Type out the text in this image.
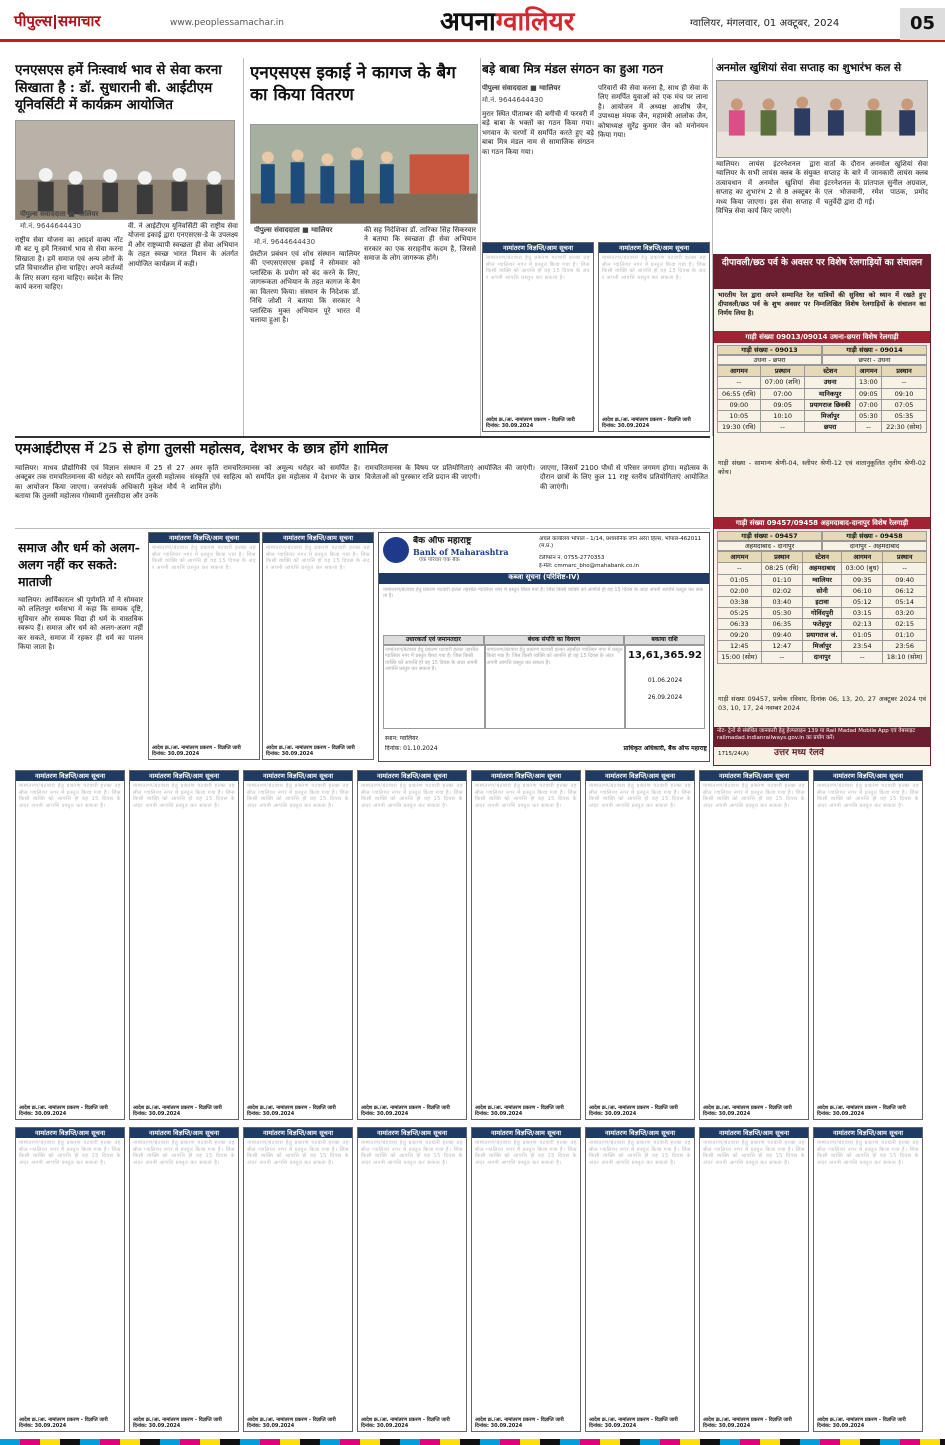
पीपुल्स समाचार	www.peoplessamachar.in	अपनाग्वालियर	ग्वालियर, मंगलवार, 01 अक्टूबर, 2024	05
एनएसएस हमें निःस्वार्थ भाव से सेवा करना सिखाता है : डॉ. सुधारानी बी. आईटीएम यूनिवर्सिटी में कार्यक्रम आयोजित
पीपुल्स संवाददाता ■ ग्वालियर
मो.नं. 9644644430
राष्ट्रीय सेवा योजना का आदर्श वाक्य नॉट मी बट यू हमें निःस्वार्थ भाव से सेवा करना सिखाता है। हमें समाज एवं अन्य लोगों के प्रति विचारशील होना चाहिए। अपने कर्तव्यों के लिए सजग रहना चाहिए। स्वदेश के लिए कार्य करना चाहिए।
वी. ने आईटीएम यूनिवर्सिटी की राष्ट्रीय सेवा योजना इकाई द्वारा एनएसएस-डे के उपलक्ष्य में और राष्ट्रव्यापी स्वच्छता ही सेवा अभियान के तहत स्वच्छ भारत मिशन के अंतर्गत आयोजित कार्यक्रम में कही।
एनएसएस इकाई ने कागज के बैग का किया वितरण
पीपुल्स संवाददाता ■ ग्वालियर
मो.नं. 9644644430
प्रेस्टीज प्रबंधन एवं शोध संस्थान ग्वालियर की एनएसएसएस इकाई ने सोमवार को प्लास्टिक के प्रयोग को बंद करने के लिए, जागरूकता अभियान के तहत कागज के बैग का वितरण किया। संस्थान के निदेशक डॉ. निधि जोशी ने बताया कि सरकार ने प्लास्टिक मुक्त अभियान पूरे भारत में चलाया हुआ है।
की सह निदेशिका डॉ. तारिका सिंह सिकरवार ने बताया कि स्वच्छता ही सेवा अभियान सरकार का एक सराहनीय कदम है, जिससे समाज के लोग जागरूक होंगे।
बड़े बाबा मित्र मंडल संगठन का हुआ गठन
पीपुल्स संवाददाता ■ ग्वालियर
मो.नं. 9644644430
मुरार स्थित पीताम्बर की बगीची में फरवरी में बड़े बाबा के भक्तों का गठन किया गया। भगवान के चरणों में समर्पित करते हुए बड़े बाबा मित्र मंडल नाम से सामाजिक संगठन का गठन किया गया।
परिवारों की सेवा करना है, साथ ही सेवा के लिए समर्पित युवाओं को एक मंच पर लाना है। आयोजन में अध्यक्ष आशीष जैन, उपाध्यक्ष मंयक जैन, महामंत्री आलोक जैन, कोषाध्यक्ष सुरेंद्र कुमार जैन को मनोनयन किया गया।
नामांतरण विज्ञप्ति/आम सूचना
नामांतरण/बंटवारा हेतु प्रकरण पटवारी हल्का तहसील ग्वालियर नगर में प्रस्तुत किया गया है। जिस किसी व्यक्ति को आपत्ति हो वह 15 दिवस के अंदर अपनी आपत्ति प्रस्तुत कर सकता है।
आदेश क्र./आ. नामांतरण प्रकरण - विज्ञप्ति जारी दिनांक: 30.09.2024
नामांतरण विज्ञप्ति/आम सूचना
नामांतरण/बंटवारा हेतु प्रकरण पटवारी हल्का तहसील ग्वालियर नगर में प्रस्तुत किया गया है। जिस किसी व्यक्ति को आपत्ति हो वह 15 दिवस के अंदर अपनी आपत्ति प्रस्तुत कर सकता है।
आदेश क्र./आ. नामांतरण प्रकरण - विज्ञप्ति जारी दिनांक: 30.09.2024
अनमोल खुशियां सेवा सप्ताह का शुभारंभ कल से
ग्वालियर। लायंस इंटरनेशनल द्वारा ग्वालियर के सभी लायंस क्लब के संयुक्त तत्वावधान में अनमोल खुशियां सेवा सप्ताह का शुभारंभ 2 से 8 अक्टूबर के मध्य किया जाएगा। इस सेवा सप्ताह में विभिन्न सेवा कार्य किए जाएंगे।
वार्ता के दौरान अनमोल खुशियां सेवा सप्ताह के बारे में जानकारी लायंस क्लब इंटरनेशनल के प्रांतपाल सुनील अग्रवाल, एल भोजवानी, रमेश पाठक, प्रमोद चतुर्वेदी द्वारा दी गई।
दीपावली/छठ पर्व के अवसर पर विशेष रेलगाड़ियों का संचालन
भारतीय रेल द्वारा अपने सम्मानित रेल यात्रियों की सुविधा को ध्यान में रखते हुए दीपावली/छठ पर्व के शुभ अवसर पर निम्नलिखित विशेष रेलगाड़ियों के संचालन का निर्णय लिया है।
गाड़ी संख्या 09013/09014 उधना-छपरा विशेष रेलगाड़ी
गाड़ी संख्या - 09013	गाड़ी संख्या - 09014
उधना - छपरा	छपरा - उधना
आगमन	प्रस्थान	स्टेशन	आगमन	प्रस्थान
--	07:00 (शनि)	उधना	13:00	--
06:55 (रवि)	07:00	मानिकपुर	09:05	09:10
09:00	09:05	प्रयागराज छिवकी	07:00	07:05
10:05	10:10	मिर्जापुर	05:30	05:35
19:30 (रवि)	--	छपरा	--	22:30 (सोम)
गाड़ी संख्या - सामान्य श्रेणी-04, स्लीपर श्रेणी-12 एवं वातानुकूलित तृतीय श्रेणी-02 कोच।
गाड़ी संख्या 09457/09458 अहमदाबाद-दानापुर विशेष रेलगाड़ी
गाड़ी संख्या - 09457	गाड़ी संख्या - 09458
अहमदाबाद - दानापुर	दानापुर - अहमदाबाद
आगमन	प्रस्थान	स्टेशन	आगमन	प्रस्थान
--	08:25 (रवि)	अहमदाबाद	03:00 (बुध)	--
01:05	01:10	ग्वालियर	09:35	09:40
02:00	02:02	सोनी	06:10	06:12
03:38	03:40	इटावा	05:12	05:14
05:25	05:30	गोविंदपुरी	03:15	03:20
06:33	06:35	फतेहपुर	02:13	02:15
09:20	09:40	प्रयागराज जं.	01:05	01:10
12:45	12:47	मिर्जापुर	23:54	23:56
15:00 (सोम)	--	दानापुर	--	18:10 (सोम)
गाड़ी संख्या 09457, प्रत्येक रविवार, दिनांक 06, 13, 20, 27 अक्टूबर 2024 एवं 03, 10, 17, 24 नवम्बर 2024
नोट- ट्रेनों से संबंधित जानकारी हेतु हेल्पलाइन 139 या Rail Madad Mobile App एवं वेबसाइट railmadad.indianrailways.gov.in का प्रयोग करें।
उत्तर मध्य रेलवे
1715/24(A)
एमआईटीएस में 25 से होगा तुलसी महोत्सव, देशभर के छात्र होंगे शामिल
ग्वालियर। माधव प्रौद्योगिकी एवं विज्ञान संस्थान में 25 से 27 अक्टूबर तक रामचरितमानस की धरोहर को समर्पित तुलसी महोत्सव का आयोजन किया जाएगा। जनसंपर्क अधिकारी मुकेश मौर्य ने बताया कि तुलसी महोत्सव गोस्वामी तुलसीदास और उनके
अमर कृति रामचरितमानस को अमूल्य धरोहर को समर्पित है। संस्कृति एवं साहित्य को समर्पित इस महोत्सव में देशभर के छात्र शामिल होंगे।
रामचरितमानस के विषय पर प्रतियोगिताएं आयोजित की जाएंगी। विजेताओं को पुरस्कार राशि प्रदान की जाएगी।
जाएगा, जिसमें 2100 पौधों से परिसर जगमग होगा। महोत्सव के दौरान छात्रों के लिए कुल 11 राष्ट्र स्तरीय प्रतियोगिताएं आयोजित की जाएंगी।
समाज और धर्म को अलग-अलग नहीं कर सकते: माताजी
ग्वालियर। आर्यिकारत्न श्री पूर्णमति माँ ने सोमवार को ललितपुर धर्मसभा में कहा कि सम्यक दृष्टि, सुविचार और सम्यक विद्या ही धर्म के वास्तविक स्वरूप हैं। समाज और धर्म को अलग-अलग नहीं कर सकते, समाज में रहकर ही धर्म का पालन किया जाता है।
नामांतरण विज्ञप्ति/आम सूचना
नामांतरण/बंटवारा हेतु प्रकरण पटवारी हल्का तहसील ग्वालियर नगर में प्रस्तुत किया गया है। जिस किसी व्यक्ति को आपत्ति हो वह 15 दिवस के अंदर अपनी आपत्ति प्रस्तुत कर सकता है।
आदेश क्र./आ. नामांतरण प्रकरण - विज्ञप्ति जारी दिनांक: 30.09.2024
नामांतरण विज्ञप्ति/आम सूचना
नामांतरण/बंटवारा हेतु प्रकरण पटवारी हल्का तहसील ग्वालियर नगर में प्रस्तुत किया गया है। जिस किसी व्यक्ति को आपत्ति हो वह 15 दिवस के अंदर अपनी आपत्ति प्रस्तुत कर सकता है।
आदेश क्र./आ. नामांतरण प्रकरण - विज्ञप्ति जारी दिनांक: 30.09.2024
बैंक ऑफ महाराष्ट्र
Bank of Maharashtra
एक परिवार एक बैंक
अंचल कार्यालय भोपाल - 1/14, प्रशासनिक जोन अरेरा हिल्स, भोपाल-462011 (म.प्र.)
टेलीफोन नं. 0755-2770353
ई-मेल: cmmarc_bho@mahabank.co.in
कब्जा सूचना (परिशिष्ट-IV)
नामांतरण/बंटवारा हेतु प्रकरण पटवारी हल्का तहसील ग्वालियर नगर में प्रस्तुत किया गया है। जिस किसी व्यक्ति को आपत्ति हो वह 15 दिवस के अंदर अपनी आपत्ति प्रस्तुत कर सकता है।
उधारकर्ता एवं जमानतदार	बंधक संपत्ति का विवरण	बकाया राशि
नामांतरण/बंटवारा हेतु प्रकरण पटवारी हल्का तहसील ग्वालियर नगर में प्रस्तुत किया गया है। जिस किसी व्यक्ति को आपत्ति हो वह 15 दिवस के अंदर अपनी आपत्ति प्रस्तुत कर सकता है।
नामांतरण/बंटवारा हेतु प्रकरण पटवारी हल्का तहसील ग्वालियर नगर में प्रस्तुत किया गया है। जिस किसी व्यक्ति को आपत्ति हो वह 15 दिवस के अंदर अपनी आपत्ति प्रस्तुत कर सकता है।
13,61,365.92
01.06.2024
26.09.2024
स्थान: ग्वालियर
दिनांक: 01.10.2024	प्राधिकृत अधिकारी, बैंक ऑफ महाराष्ट्र
नामांतरण विज्ञप्ति/आम सूचना
नामांतरण/बंटवारा हेतु प्रकरण पटवारी हल्का तहसील ग्वालियर नगर में प्रस्तुत किया गया है। जिस किसी व्यक्ति को आपत्ति हो वह 15 दिवस के अंदर अपनी आपत्ति प्रस्तुत कर सकता है।
आदेश क्र./आ. नामांतरण प्रकरण - विज्ञप्ति जारी दिनांक: 30.09.2024
नामांतरण विज्ञप्ति/आम सूचना
नामांतरण/बंटवारा हेतु प्रकरण पटवारी हल्का तहसील ग्वालियर नगर में प्रस्तुत किया गया है। जिस किसी व्यक्ति को आपत्ति हो वह 15 दिवस के अंदर अपनी आपत्ति प्रस्तुत कर सकता है।
आदेश क्र./आ. नामांतरण प्रकरण - विज्ञप्ति जारी दिनांक: 30.09.2024
नामांतरण विज्ञप्ति/आम सूचना
नामांतरण/बंटवारा हेतु प्रकरण पटवारी हल्का तहसील ग्वालियर नगर में प्रस्तुत किया गया है। जिस किसी व्यक्ति को आपत्ति हो वह 15 दिवस के अंदर अपनी आपत्ति प्रस्तुत कर सकता है।
आदेश क्र./आ. नामांतरण प्रकरण - विज्ञप्ति जारी दिनांक: 30.09.2024
नामांतरण विज्ञप्ति/आम सूचना
नामांतरण/बंटवारा हेतु प्रकरण पटवारी हल्का तहसील ग्वालियर नगर में प्रस्तुत किया गया है। जिस किसी व्यक्ति को आपत्ति हो वह 15 दिवस के अंदर अपनी आपत्ति प्रस्तुत कर सकता है।
आदेश क्र./आ. नामांतरण प्रकरण - विज्ञप्ति जारी दिनांक: 30.09.2024
नामांतरण विज्ञप्ति/आम सूचना
नामांतरण/बंटवारा हेतु प्रकरण पटवारी हल्का तहसील ग्वालियर नगर में प्रस्तुत किया गया है। जिस किसी व्यक्ति को आपत्ति हो वह 15 दिवस के अंदर अपनी आपत्ति प्रस्तुत कर सकता है।
आदेश क्र./आ. नामांतरण प्रकरण - विज्ञप्ति जारी दिनांक: 30.09.2024
नामांतरण विज्ञप्ति/आम सूचना
नामांतरण/बंटवारा हेतु प्रकरण पटवारी हल्का तहसील ग्वालियर नगर में प्रस्तुत किया गया है। जिस किसी व्यक्ति को आपत्ति हो वह 15 दिवस के अंदर अपनी आपत्ति प्रस्तुत कर सकता है।
आदेश क्र./आ. नामांतरण प्रकरण - विज्ञप्ति जारी दिनांक: 30.09.2024
नामांतरण विज्ञप्ति/आम सूचना
नामांतरण/बंटवारा हेतु प्रकरण पटवारी हल्का तहसील ग्वालियर नगर में प्रस्तुत किया गया है। जिस किसी व्यक्ति को आपत्ति हो वह 15 दिवस के अंदर अपनी आपत्ति प्रस्तुत कर सकता है।
आदेश क्र./आ. नामांतरण प्रकरण - विज्ञप्ति जारी दिनांक: 30.09.2024
नामांतरण विज्ञप्ति/आम सूचना
नामांतरण/बंटवारा हेतु प्रकरण पटवारी हल्का तहसील ग्वालियर नगर में प्रस्तुत किया गया है। जिस किसी व्यक्ति को आपत्ति हो वह 15 दिवस के अंदर अपनी आपत्ति प्रस्तुत कर सकता है।
आदेश क्र./आ. नामांतरण प्रकरण - विज्ञप्ति जारी दिनांक: 30.09.2024
नामांतरण विज्ञप्ति/आम सूचना
नामांतरण/बंटवारा हेतु प्रकरण पटवारी हल्का तहसील ग्वालियर नगर में प्रस्तुत किया गया है। जिस किसी व्यक्ति को आपत्ति हो वह 15 दिवस के अंदर अपनी आपत्ति प्रस्तुत कर सकता है।
आदेश क्र./आ. नामांतरण प्रकरण - विज्ञप्ति जारी दिनांक: 30.09.2024
नामांतरण विज्ञप्ति/आम सूचना
नामांतरण/बंटवारा हेतु प्रकरण पटवारी हल्का तहसील ग्वालियर नगर में प्रस्तुत किया गया है। जिस किसी व्यक्ति को आपत्ति हो वह 15 दिवस के अंदर अपनी आपत्ति प्रस्तुत कर सकता है।
आदेश क्र./आ. नामांतरण प्रकरण - विज्ञप्ति जारी दिनांक: 30.09.2024
नामांतरण विज्ञप्ति/आम सूचना
नामांतरण/बंटवारा हेतु प्रकरण पटवारी हल्का तहसील ग्वालियर नगर में प्रस्तुत किया गया है। जिस किसी व्यक्ति को आपत्ति हो वह 15 दिवस के अंदर अपनी आपत्ति प्रस्तुत कर सकता है।
आदेश क्र./आ. नामांतरण प्रकरण - विज्ञप्ति जारी दिनांक: 30.09.2024
नामांतरण विज्ञप्ति/आम सूचना
नामांतरण/बंटवारा हेतु प्रकरण पटवारी हल्का तहसील ग्वालियर नगर में प्रस्तुत किया गया है। जिस किसी व्यक्ति को आपत्ति हो वह 15 दिवस के अंदर अपनी आपत्ति प्रस्तुत कर सकता है।
आदेश क्र./आ. नामांतरण प्रकरण - विज्ञप्ति जारी दिनांक: 30.09.2024
नामांतरण विज्ञप्ति/आम सूचना
नामांतरण/बंटवारा हेतु प्रकरण पटवारी हल्का तहसील ग्वालियर नगर में प्रस्तुत किया गया है। जिस किसी व्यक्ति को आपत्ति हो वह 15 दिवस के अंदर अपनी आपत्ति प्रस्तुत कर सकता है।
आदेश क्र./आ. नामांतरण प्रकरण - विज्ञप्ति जारी दिनांक: 30.09.2024
नामांतरण विज्ञप्ति/आम सूचना
नामांतरण/बंटवारा हेतु प्रकरण पटवारी हल्का तहसील ग्वालियर नगर में प्रस्तुत किया गया है। जिस किसी व्यक्ति को आपत्ति हो वह 15 दिवस के अंदर अपनी आपत्ति प्रस्तुत कर सकता है।
आदेश क्र./आ. नामांतरण प्रकरण - विज्ञप्ति जारी दिनांक: 30.09.2024
नामांतरण विज्ञप्ति/आम सूचना
नामांतरण/बंटवारा हेतु प्रकरण पटवारी हल्का तहसील ग्वालियर नगर में प्रस्तुत किया गया है। जिस किसी व्यक्ति को आपत्ति हो वह 15 दिवस के अंदर अपनी आपत्ति प्रस्तुत कर सकता है।
आदेश क्र./आ. नामांतरण प्रकरण - विज्ञप्ति जारी दिनांक: 30.09.2024
नामांतरण विज्ञप्ति/आम सूचना
नामांतरण/बंटवारा हेतु प्रकरण पटवारी हल्का तहसील ग्वालियर नगर में प्रस्तुत किया गया है। जिस किसी व्यक्ति को आपत्ति हो वह 15 दिवस के अंदर अपनी आपत्ति प्रस्तुत कर सकता है।
आदेश क्र./आ. नामांतरण प्रकरण - विज्ञप्ति जारी दिनांक: 30.09.2024
